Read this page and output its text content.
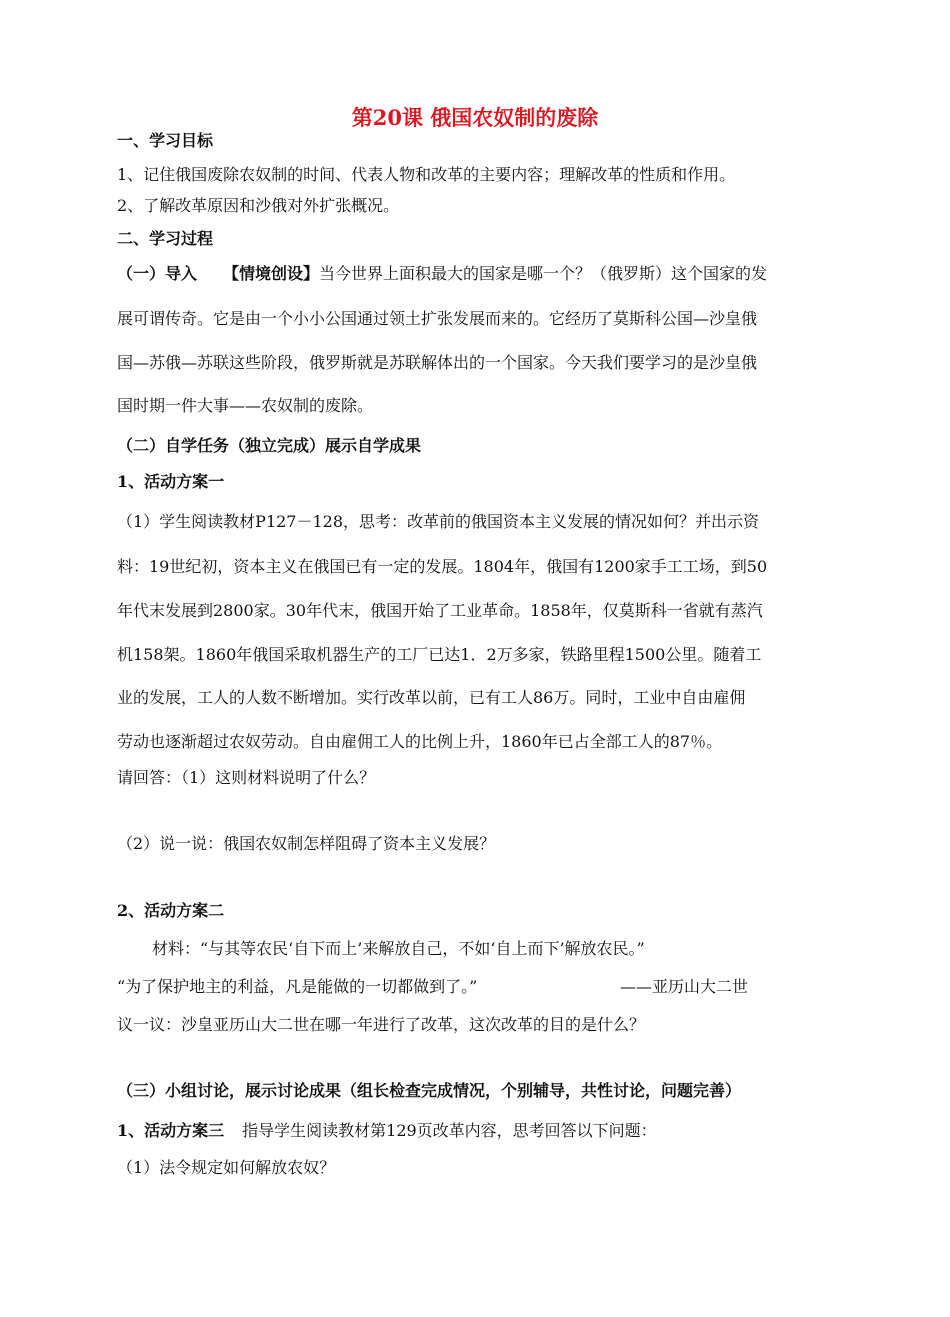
第20课 俄国农奴制的废除
一、学习目标
1、记住俄国废除农奴制的时间、代表人物和改革的主要内容；理解改革的性质和作用。
2、了解改革原因和沙俄对外扩张概况。
二、学习过程
（一）导入 【情境创设】当今世界上面积最大的国家是哪一个？（俄罗斯）这个国家的发
展可谓传奇。它是由一个小小公国通过领土扩张发展而来的。它经历了莫斯科公国—沙皇俄
国—苏俄—苏联这些阶段，俄罗斯就是苏联解体出的一个国家。今天我们要学习的是沙皇俄
国时期一件大事——农奴制的废除。
（二）自学任务（独立完成）展示自学成果
1、活动方案一
（1）学生阅读教材P127－128，思考：改革前的俄国资本主义发展的情况如何？并出示资
料：19世纪初，资本主义在俄国已有一定的发展。1804年，俄国有1200家手工工场，到50
年代末发展到2800家。30年代末，俄国开始了工业革命。1858年，仅莫斯科一省就有蒸汽
机158架。1860年俄国采取机器生产的工厂已达1．2万多家，铁路里程1500公里。随着工
业的发展，工人的人数不断增加。实行改革以前，已有工人86万。同时，工业中自由雇佣
劳动也逐渐超过农奴劳动。自由雇佣工人的比例上升，1860年已占全部工人的87％。
请回答：（1）这则材料说明了什么？
（2）说一说：俄国农奴制怎样阻碍了资本主义发展？
2、活动方案二
材料：“与其等农民‘自下而上’来解放自己，不如‘自上而下’解放农民。”
“为了保护地主的利益，凡是能做的一切都做到了。”	——亚历山大二世
议一议：沙皇亚历山大二世在哪一年进行了改革，这次改革的目的是什么？
（三）小组讨论，展示讨论成果（组长检查完成情况，个别辅导，共性讨论，问题完善）
1、活动方案三 指导学生阅读教材第129页改革内容，思考回答以下问题：
（1）法令规定如何解放农奴？
